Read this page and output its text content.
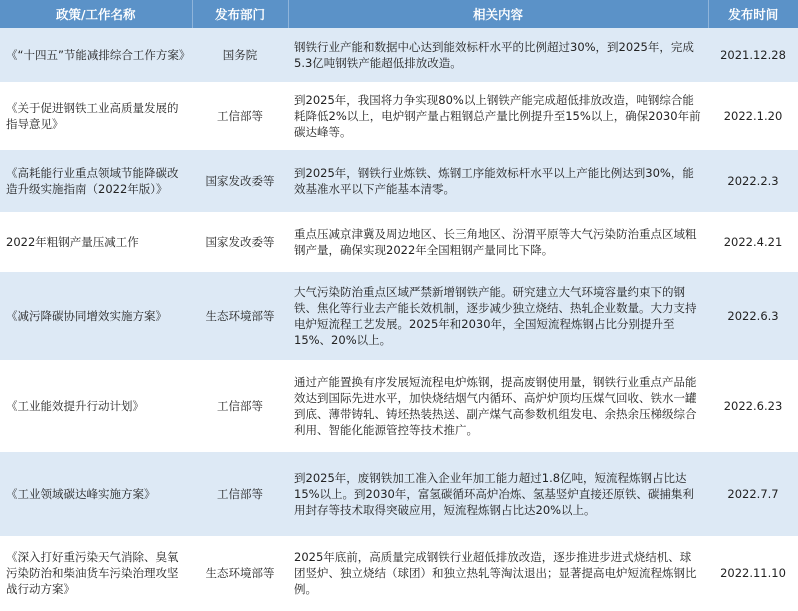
政策/工作名称	发布部门	相关内容	发布时间
《“十四五”节能减排综合工作方案》	国务院	钢铁行业产能和数据中心达到能效标杆水平的比例超过30%，到2025年，完成5.3亿吨钢铁产能超低排放改造。	2021.12.28
《关于促进钢铁工业高质量发展的指导意见》	工信部等	到2025年，我国将力争实现80%以上钢铁产能完成超低排放改造，吨钢综合能耗降低2%以上，电炉钢产量占粗钢总产量比例提升至15%以上，确保2030年前碳达峰等。	2022.1.20
《高耗能行业重点领域节能降碳改造升级实施指南（2022年版）》	国家发改委等	到2025年，钢铁行业炼铁、炼钢工序能效标杆水平以上产能比例达到30%，能效基准水平以下产能基本清零。	2022.2.3
2022年粗钢产量压减工作	国家发改委等	重点压减京津冀及周边地区、长三角地区、汾渭平原等大气污染防治重点区域粗钢产量，确保实现2022年全国粗钢产量同比下降。	2022.4.21
《减污降碳协同增效实施方案》	生态环境部等	大气污染防治重点区域严禁新增钢铁产能。研究建立大气环境容量约束下的钢铁、焦化等行业去产能长效机制，逐步减少独立烧结、热轧企业数量。大力支持电炉短流程工艺发展。2025年和2030年，全国短流程炼钢占比分别提升至15%、20%以上。	2022.6.3
《工业能效提升行动计划》	工信部等	通过产能置换有序发展短流程电炉炼钢，提高废钢使用量，钢铁行业重点产品能效达到国际先进水平，加快烧结烟气内循环、高炉炉顶均压煤气回收、铁水一罐到底、薄带铸轧、铸坯热装热送、副产煤气高参数机组发电、余热余压梯级综合利用、智能化能源管控等技术推广。	2022.6.23
《工业领域碳达峰实施方案》	工信部等	到2025年，废钢铁加工准入企业年加工能力超过1.8亿吨，短流程炼钢占比达15%以上。到2030年，富氢碳循环高炉冶炼、氢基竖炉直接还原铁、碳捕集利用封存等技术取得突破应用，短流程炼钢占比达20%以上。	2022.7.7
《深入打好重污染天气消除、臭氧污染防治和柴油货车污染治理攻坚战行动方案》	生态环境部等	2025年底前，高质量完成钢铁行业超低排放改造，逐步推进步进式烧结机、球团竖炉、独立烧结（球团）和独立热轧等淘汰退出；显著提高电炉短流程炼钢比例。	2022.11.10
